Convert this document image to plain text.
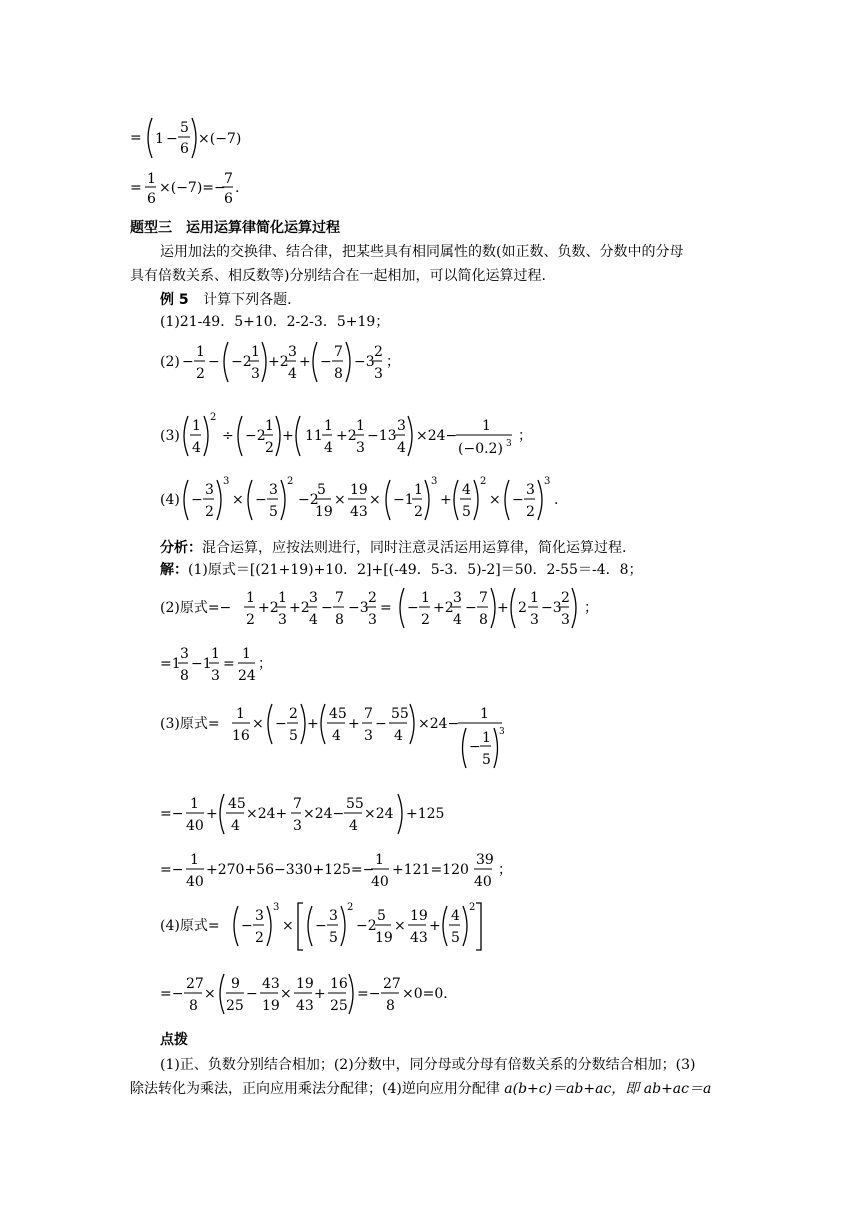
= 1 −
5
6
×(−7)
=
1
6
×(−7)=−
7
6
.
题型三　运用运算律简化运算过程
运用加法的交换律、结合律，把某些具有相同属性的数(如正数、负数、分数中的分母
具有倍数关系、相反数等)分别结合在一起相加，可以简化运算过程.
例 5 计算下列各题.
(1)21-49．5+10．2-2-3．5+19；
(2) −
1
2
− −2
1
3
+2
3
4
+ −
7
8
−3
2
3
；
(3)
1
4
2
÷ −2
1
2
+ 11
1
4
+2
1
3
−13
3
4
×24−
1
(−0.2) 3 ；
(4) −
3
2
3
× −
3
5
2
−2
5
19
×
19
43
× −1
1
2
3
+
4
5
2
× −
3
2
3
.
分析：混合运算，应按法则进行，同时注意灵活运用运算律，简化运算过程.
解：(1)原式＝[(21+19)+10．2]+[(-49．5-3．5)-2]＝50．2-55＝-4．8；
(2)原式=−
1
2
+2
1
3
+2
3
4
−
7
8
−3
2
3
= −
1
2
+2
3
4
−
7
8
+ 2
1
3
−3
2
3
；
=1
3
8
−1
1
3
=
1
24
；
(3)原式=
1
16
× −
2
5
+
45
4
+
7
3
−
55
4
×24−
1
−
1
5
3
=−
1
40
+
45
4
×24+
7
3
×24−
55
4
×24 +125
=−
1
40
+270+56−330+125=−
1
40
+121=120
39
40
；
(4)原式= −
3
2
3
× −
3
5
2
−2
5
19
×
19
43
+
4
5
2
=−
27
8
×
9
25
−
43
19
×
19
43
+
16
25
=−
27
8
×0=0.
点拨
(1)正、负数分别结合相加；(2)分数中，同分母或分母有倍数关系的分数结合相加；(3)
除法转化为乘法，正向应用乘法分配律；(4)逆向应用分配律 a(b+c)＝ab+ac，即 ab+ac＝a
